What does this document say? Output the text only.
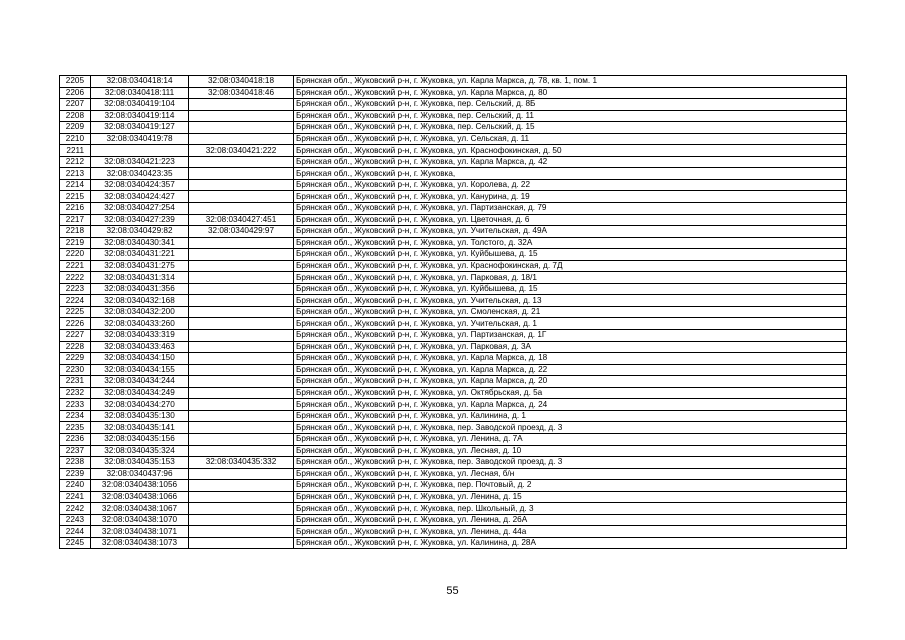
2205	32:08:0340418:14	32:08:0340418:18	Брянская обл., Жуковский р-н, г. Жуковка, ул. Карла Маркса, д. 78, кв. 1, пом. 1
2206	32:08:0340418:111	32:08:0340418:46	Брянская обл., Жуковский р-н, г. Жуковка, ул. Карла Маркса, д. 80
2207	32:08:0340419:104		Брянская обл., Жуковский р-н, г. Жуковка, пер. Сельский, д. 8Б
2208	32:08:0340419:114		Брянская обл., Жуковский р-н, г. Жуковка, пер. Сельский, д. 11
2209	32:08:0340419:127		Брянская обл., Жуковский р-н, г. Жуковка, пер. Сельский, д. 15
2210	32:08:0340419:78		Брянская обл., Жуковский р-н, г. Жуковка, ул. Сельская, д. 11
2211		32:08:0340421:222	Брянская обл., Жуковский р-н, г. Жуковка, ул. Краснофокинская, д. 50
2212	32:08:0340421:223		Брянская обл., Жуковский р-н, г. Жуковка, ул. Карла Маркса, д. 42
2213	32:08:0340423:35		Брянская обл., Жуковский р-н, г. Жуковка,
2214	32:08:0340424:357		Брянская обл., Жуковский р-н, г. Жуковка, ул. Королева, д. 22
2215	32:08:0340424:427		Брянская обл., Жуковский р-н, г. Жуковка, ул. Канурина, д. 19
2216	32:08:0340427:254		Брянская обл., Жуковский р-н, г. Жуковка, ул. Партизанская, д. 79
2217	32:08:0340427:239	32:08:0340427:451	Брянская обл., Жуковский р-н, г. Жуковка, ул. Цветочная, д. 6
2218	32:08:0340429:82	32:08:0340429:97	Брянская обл., Жуковский р-н, г. Жуковка, ул. Учительская, д. 49А
2219	32:08:0340430:341		Брянская обл., Жуковский р-н, г. Жуковка, ул. Толстого, д. 32А
2220	32:08:0340431:221		Брянская обл., Жуковский р-н, г. Жуковка, ул. Куйбышева, д. 15
2221	32:08:0340431:275		Брянская обл., Жуковский р-н, г. Жуковка, ул. Краснофокинская, д. 7Д
2222	32:08:0340431:314		Брянская обл., Жуковский р-н, г. Жуковка, ул. Парковая, д. 18/1
2223	32:08:0340431:356		Брянская обл., Жуковский р-н, г. Жуковка, ул. Куйбышева, д. 15
2224	32:08:0340432:168		Брянская обл., Жуковский р-н, г. Жуковка, ул. Учительская, д. 13
2225	32:08:0340432:200		Брянская обл., Жуковский р-н, г. Жуковка, ул. Смоленская, д. 21
2226	32:08:0340433:260		Брянская обл., Жуковский р-н, г. Жуковка, ул. Учительская, д. 1
2227	32:08:0340433:319		Брянская обл., Жуковский р-н, г. Жуковка, ул. Партизанская, д. 1Г
2228	32:08:0340433:463		Брянская обл., Жуковский р-н, г. Жуковка, ул. Парковая, д. 3А
2229	32:08:0340434:150		Брянская обл., Жуковский р-н, г. Жуковка, ул. Карла Маркса, д. 18
2230	32:08:0340434:155		Брянская обл., Жуковский р-н, г. Жуковка, ул. Карла Маркса, д. 22
2231	32:08:0340434:244		Брянская обл., Жуковский р-н, г. Жуковка, ул. Карла Маркса, д. 20
2232	32:08:0340434:249		Брянская обл., Жуковский р-н, г. Жуковка, ул. Октябрьская, д. 5а
2233	32:08:0340434:270		Брянская обл., Жуковский р-н, г. Жуковка, ул. Карла Маркса, д. 24
2234	32:08:0340435:130		Брянская обл., Жуковский р-н, г. Жуковка, ул. Калинина, д. 1
2235	32:08:0340435:141		Брянская обл., Жуковский р-н, г. Жуковка, пер. Заводской проезд, д. 3
2236	32:08:0340435:156		Брянская обл., Жуковский р-н, г. Жуковка, ул. Ленина, д. 7А
2237	32:08:0340435:324		Брянская обл., Жуковский р-н, г. Жуковка, ул. Лесная, д. 10
2238	32:08:0340435:153	32:08:0340435:332	Брянская обл., Жуковский р-н, г. Жуковка, пер. Заводской проезд, д. 3
2239	32:08:0340437:96		Брянская обл., Жуковский р-н, г. Жуковка, ул. Лесная, б/н
2240	32:08:0340438:1056		Брянская обл., Жуковский р-н, г. Жуковка, пер. Почтовый, д. 2
2241	32:08:0340438:1066		Брянская обл., Жуковский р-н, г. Жуковка, ул. Ленина, д. 15
2242	32:08:0340438:1067		Брянская обл., Жуковский р-н, г. Жуковка, пер. Школьный, д. 3
2243	32:08:0340438:1070		Брянская обл., Жуковский р-н, г. Жуковка, ул. Ленина, д. 26А
2244	32:08:0340438:1071		Брянская обл., Жуковский р-н, г. Жуковка, ул. Ленина, д. 44а
2245	32:08:0340438:1073		Брянская обл., Жуковский р-н, г. Жуковка, ул. Калинина, д. 28А
55
